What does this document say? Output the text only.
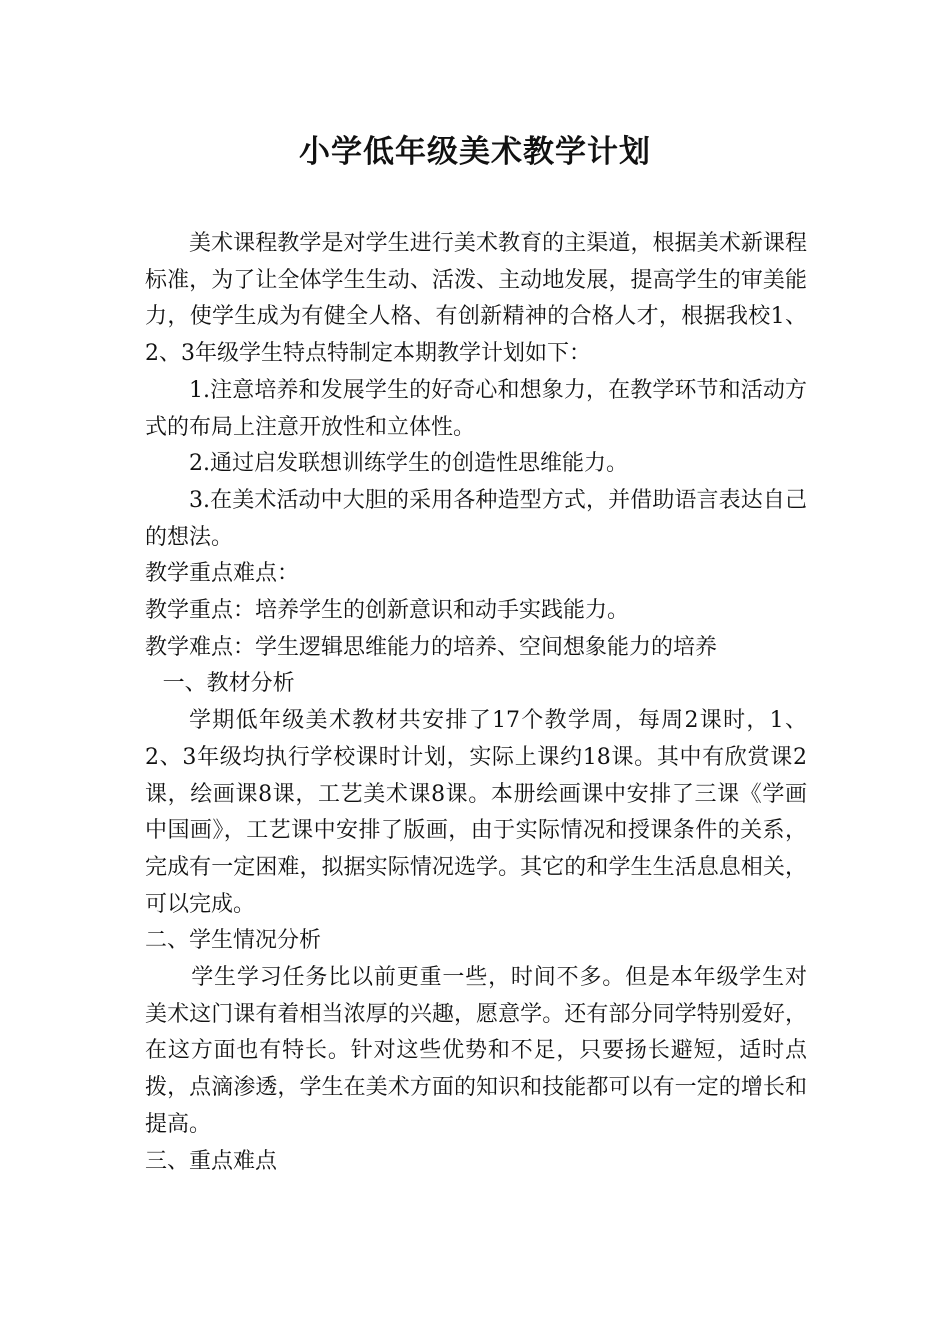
小学低年级美术教学计划

美术课程教学是对学生进行美术教育的主渠道，根据美术新课程标准，为了让全体学生生动、活泼、主动地发展，提高学生的审美能力，使学生成为有健全人格、有创新精神的合格人才，根据我校1、2、3年级学生特点特制定本期教学计划如下：

1.注意培养和发展学生的好奇心和想象力，在教学环节和活动方式的布局上注意开放性和立体性。

2.通过启发联想训练学生的创造性思维能力。

3.在美术活动中大胆的采用各种造型方式，并借助语言表达自己的想法。

教学重点难点：

教学重点：培养学生的创新意识和动手实践能力。

教学难点：学生逻辑思维能力的培养、空间想象能力的培养

一、教材分析

学期低年级美术教材共安排了17个教学周，每周2课时，1、2、3年级均执行学校课时计划，实际上课约18课。其中有欣赏课2课，绘画课8课，工艺美术课8课。本册绘画课中安排了三课《学画中国画》，工艺课中安排了版画，由于实际情况和授课条件的关系，完成有一定困难，拟据实际情况选学。其它的和学生生活息息相关，可以完成。

二、学生情况分析

学生学习任务比以前更重一些，时间不多。但是本年级学生对美术这门课有着相当浓厚的兴趣，愿意学。还有部分同学特别爱好，在这方面也有特长。针对这些优势和不足，只要扬长避短，适时点拨，点滴渗透，学生在美术方面的知识和技能都可以有一定的增长和提高。

三、重点难点
